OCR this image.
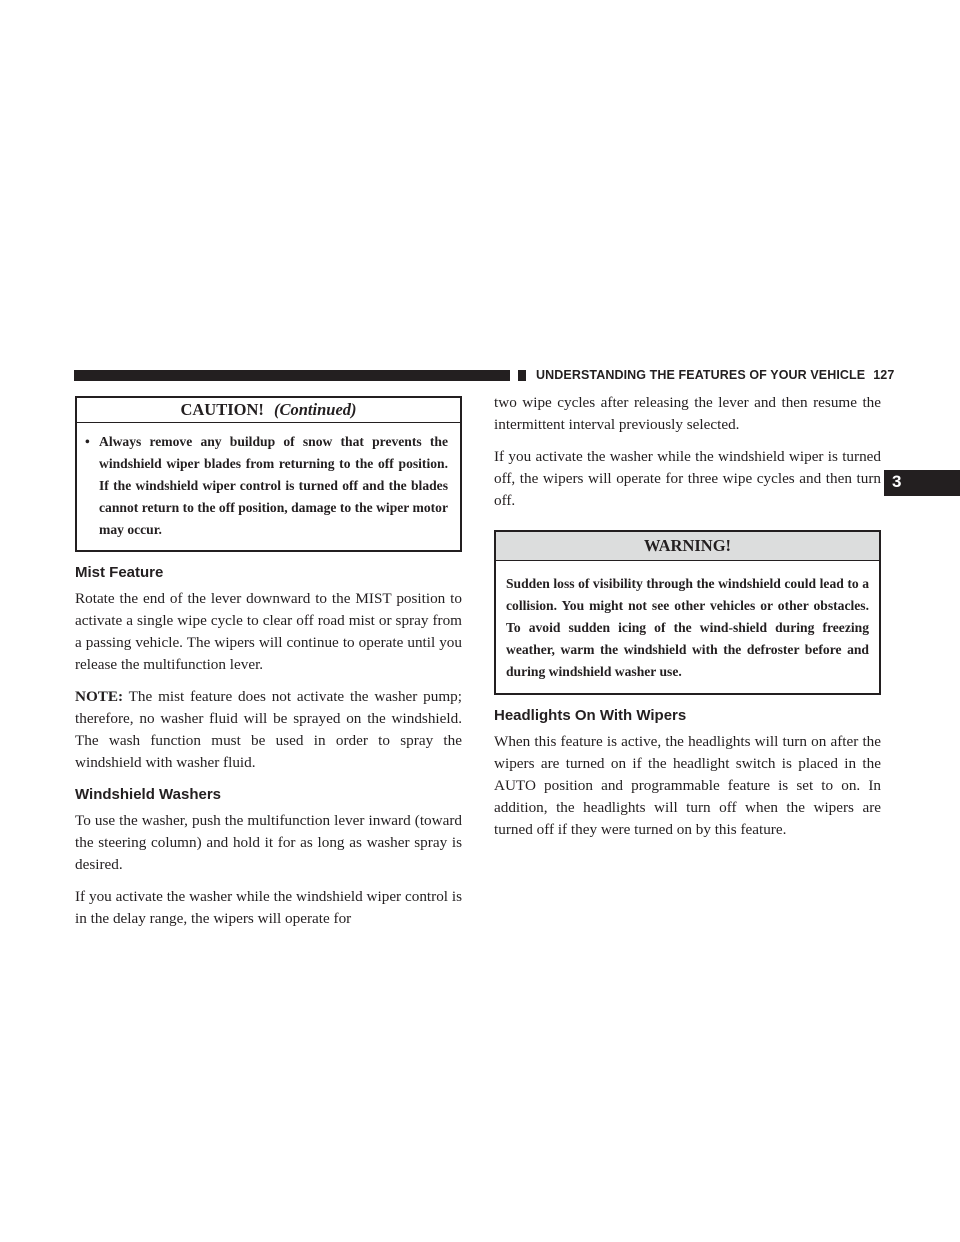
UNDERSTANDING THE FEATURES OF YOUR VEHICLE 127
3
CAUTION! (Continued)
• Always remove any buildup of snow that prevents the windshield wiper blades from returning to the off position. If the windshield wiper control is turned off and the blades cannot return to the off position, damage to the wiper motor may occur.
Mist Feature

Rotate the end of the lever downward to the MIST position to activate a single wipe cycle to clear off road mist or spray from a passing vehicle. The wipers will continue to operate until you release the multifunction lever.

NOTE: The mist feature does not activate the washer pump; therefore, no washer fluid will be sprayed on the windshield. The wash function must be used in order to spray the windshield with washer fluid.

Windshield Washers

To use the washer, push the multifunction lever inward (toward the steering column) and hold it for as long as washer spray is desired.

If you activate the washer while the windshield wiper control is in the delay range, the wipers will operate for

two wipe cycles after releasing the lever and then resume the intermittent interval previously selected.

If you activate the washer while the windshield wiper is turned off, the wipers will operate for three wipe cycles and then turn off.

WARNING!
Sudden loss of visibility through the windshield could lead to a collision. You might not see other vehicles or other obstacles. To avoid sudden icing of the wind-shield during freezing weather, warm the windshield with the defroster before and during windshield washer use.
Headlights On With Wipers

When this feature is active, the headlights will turn on after the wipers are turned on if the headlight switch is placed in the AUTO position and programmable feature is set to on. In addition, the headlights will turn off when the wipers are turned off if they were turned on by this feature.
